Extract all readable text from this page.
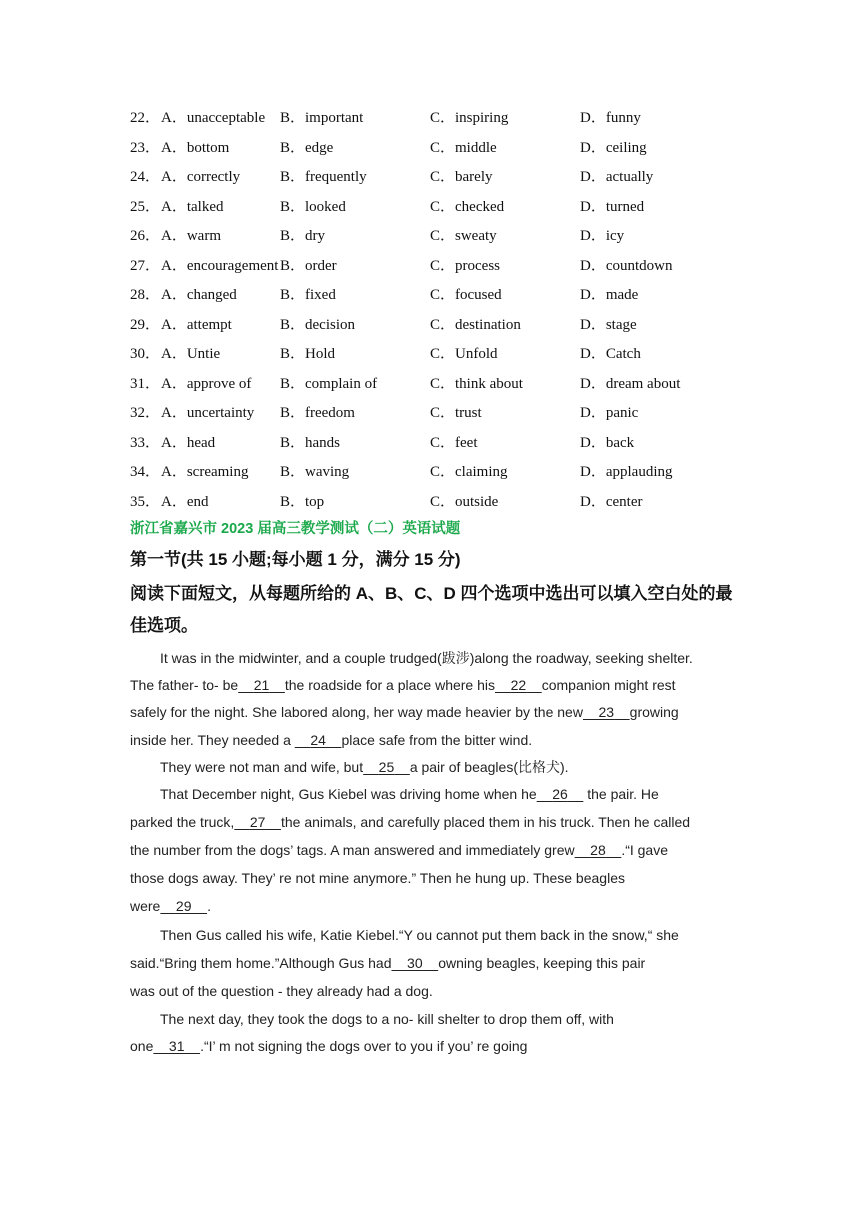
22． A．unacceptable B．important	C．inspiring	D．funny
23． A．bottom	B．edge	C．middle	D．ceiling
24． A．correctly	B．frequently	C．barely	D．actually
25． A．talked	B．looked	C．checked	D．turned
26． A．warm	B．dry	C．sweaty	D．icy
27． A．encouragement B．order	C．process	D．countdown
28． A．changed	B．fixed	C．focused	D．made
29． A．attempt	B．decision	C．destination	D．stage
30． A．Untie	B．Hold	C．Unfold	D．Catch
31． A．approve of B．complain of	C．think about	D．dream about
32． A．uncertainty B．freedom	C．trust	D．panic
33． A．head	B．hands	C．feet	D．back
34． A．screaming B．waving	C．claiming	D．applauding
35． A．end	B．top	C．outside	D．center
浙江省嘉兴市 2023 届高三教学测试（二）英语试题
第一节(共 15 小题;每小题 1 分，满分 15 分)
阅读下面短文，从每题所给的 A、B、C、D 四个选项中选出可以填入空白处的最佳选项。
It was in the midwinter, and a couple trudged(跋涉)along the roadway, seeking shelter.
The father- to- be 21 the roadside for a place where his 22 companion might rest
safely for the night. She labored along, her way made heavier by the new 23 growing
inside her. They needed a     24 place safe from the bitter wind.
They were not man and wife, but 25 a pair of beagles(比格犬).
That December night, Gus Kiebel was driving home when he 26     the pair. He
parked the truck, 27 the animals, and carefully placed them in his truck. Then he called
the number from the dogs’ tags. A man answered and immediately grew 28 .“I gave
those dogs away. They’ re not mine anymore.” Then he hung up. These beagles
were 29 .
Then Gus called his wife, Katie Kiebel.“Y ou cannot put them back in the snow,“ she
said.“Bring them home.”Although Gus had 30 owning beagles, keeping this pair
was out of the question - they already had a dog.
The next day, they took the dogs to a no- kill shelter to drop them off, with
one 31 .“I’ m not signing the dogs over to you if you’ re going
